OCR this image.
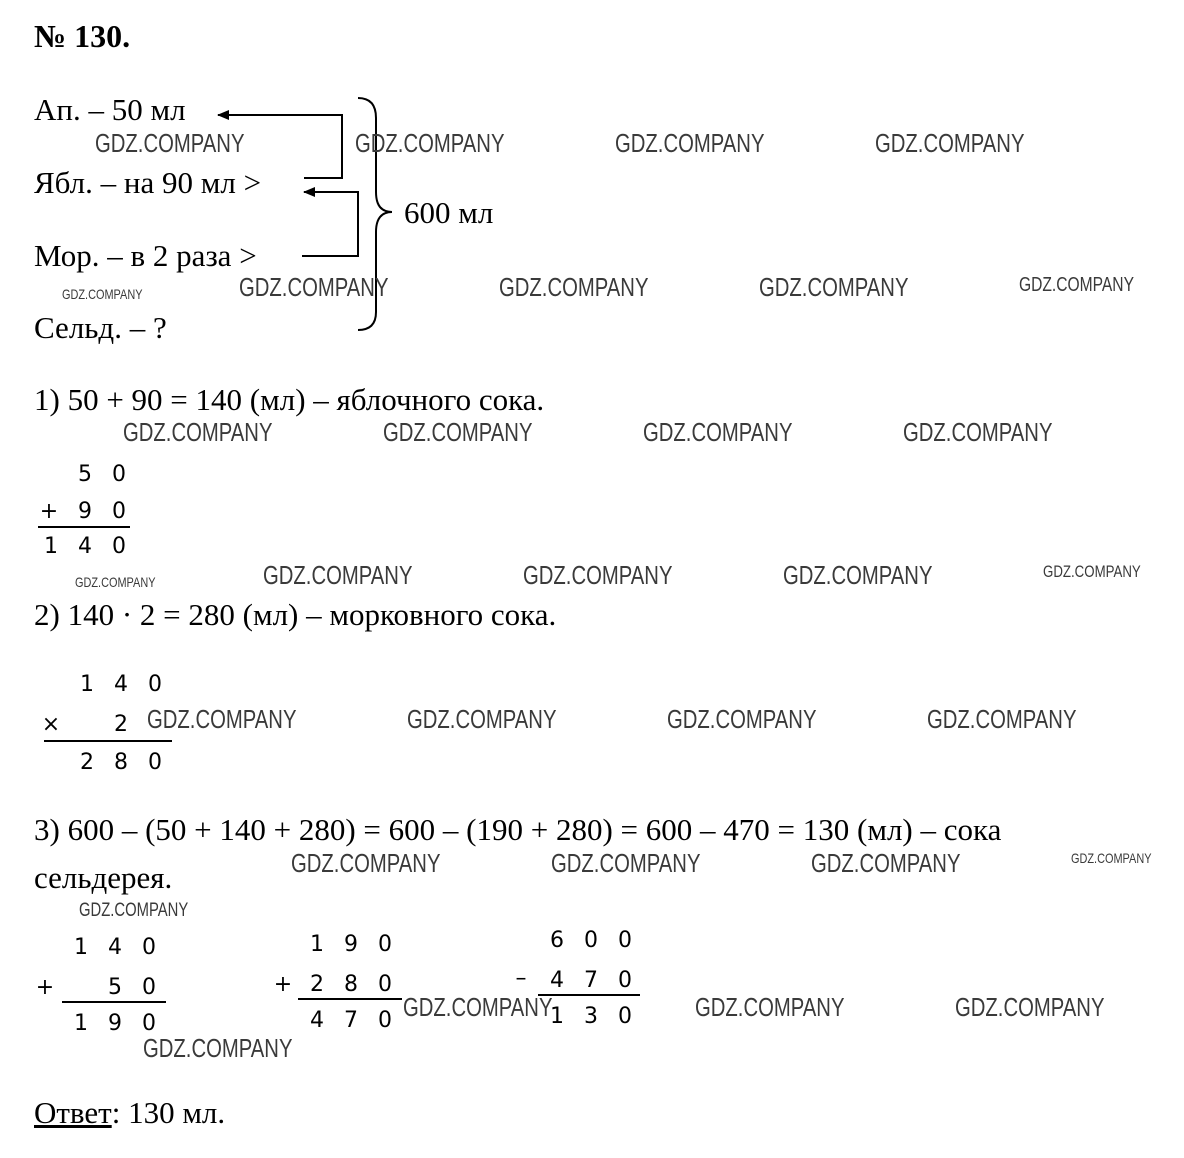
№ 130.
Ап. – 50 мл
Ябл. – на 90 мл >
Мор. – в 2 раза >
Сельд. – ?
600 мл
1) 50 + 90 = 140 (мл) – яблочного сока.
5 0
+ 9 0
1 4 0
2) 140 · 2 = 280 (мл) – морковного сока.
1 4 0
×	2
2 8 0
3) 600 – (50 + 140 + 280) = 600 – (190 + 280) = 600 – 470 = 130 (мл) – сока
сельдерея.
1 4 0
+	5 0
1 9 0
1 9 0
+ 2 8 0
4 7 0
6 0 0
–	4 7 0
1 3 0
Ответ: 130 мл.
GDZ.COMPANY	GDZ.COMPANY	GDZ.COMPANY	GDZ.COMPANY
GDZ.COMPANY	GDZ.COMPANY	GDZ.COMPANY	GDZ.COMPANY	GDZ.COMPANY
GDZ.COMPANY	GDZ.COMPANY	GDZ.COMPANY	GDZ.COMPANY
GDZ.COMPANY	GDZ.COMPANY	GDZ.COMPANY	GDZ.COMPANY	GDZ.COMPANY
GDZ.COMPANY	GDZ.COMPANY	GDZ.COMPANY	GDZ.COMPANY
GDZ.COMPANY	GDZ.COMPANY	GDZ.COMPANY	GDZ.COMPANY
GDZ.COMPANY
GDZ.COMPANY	GDZ.COMPANY	GDZ.COMPANY
GDZ.COMPANY
